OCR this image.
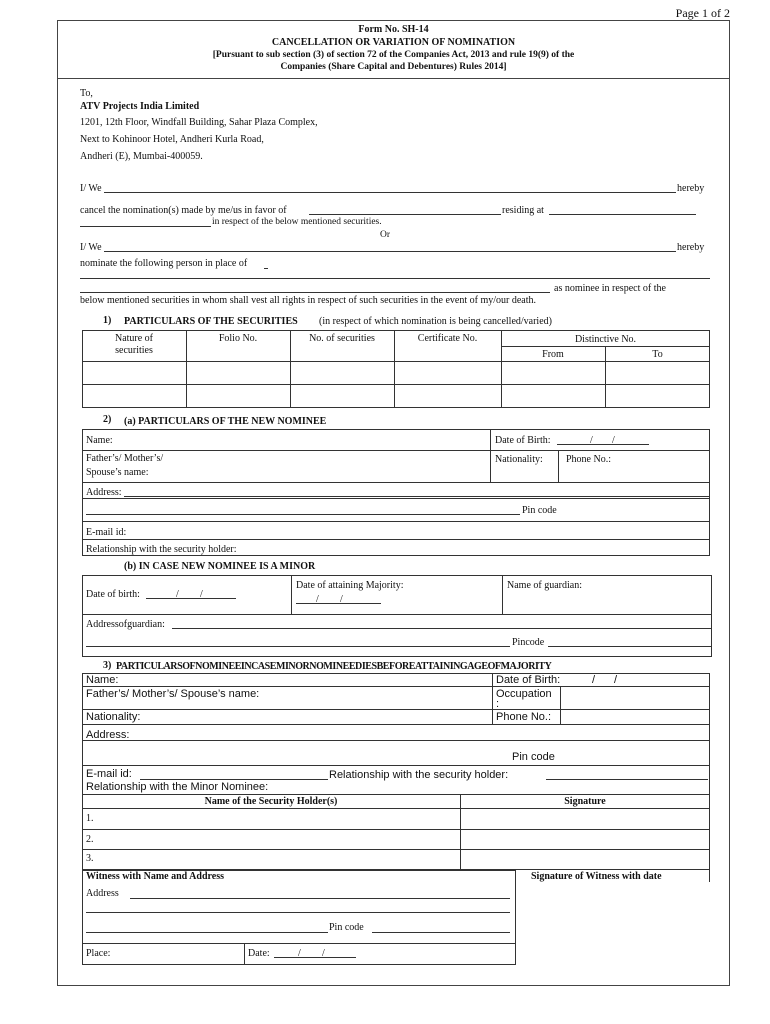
Page 1 of 2
Form No. SH-14
CANCELLATION OR VARIATION OF NOMINATION
[Pursuant to sub section (3) of section 72 of the Companies Act, 2013 and rule 19(9) of the
Companies (Share Capital and Debentures) Rules 2014]
To,
ATV Projects India Limited
1201, 12th Floor, Windfall Building, Sahar Plaza Complex,
Next to Kohinoor Hotel, Andheri Kurla Road,
Andheri (E), Mumbai-400059.
I/ We	hereby
cancel the nomination(s) made by me/us in favor of	residing at
in respect of the below mentioned securities.
Or
I/ We	hereby
nominate the following person in place of
as nominee in respect of the
below mentioned securities in whom shall vest all rights in respect of such securities in the event of my/our death.
1) PARTICULARS OF THE SECURITIES (in respect of which nomination is being cancelled/varied)
Nature of
securities
Folio No.	No. of securities	Certificate No.	Distinctive No.
From	To
2) (a) PARTICULARS OF THE NEW NOMINEE
Name:	Date of Birth:	/ /
Father’s/ Mother’s/
Spouse’s name:
Nationality: Phone No.:
Address:
Pin code
E-mail id:
Relationship with the security holder:
(b) IN CASE NEW NOMINEE IS A MINOR
Date of birth:	/ /
Date of attaining Majority:
/ /
Name of guardian:
Addressofguardian:
Pincode
3) PARTICULARSOFNOMINEEINCASEMINORNOMINEEDIESBEFOREATTAININGAGEOFMAJORITY
Name:	Date of Birth:	/ /
Father’s/ Mother’s/ Spouse’s name:	Occupation
:
Nationality:	Phone No.:
Address:
Pin code
E-mail id:	Relationship with the security holder:
Relationship with the Minor Nominee:
Name of the Security Holder(s)	Signature
1.
2.
3.
Witness with Name and Address	Signature of Witness with date
Address
Pin code
Place:	Date:	/ /
